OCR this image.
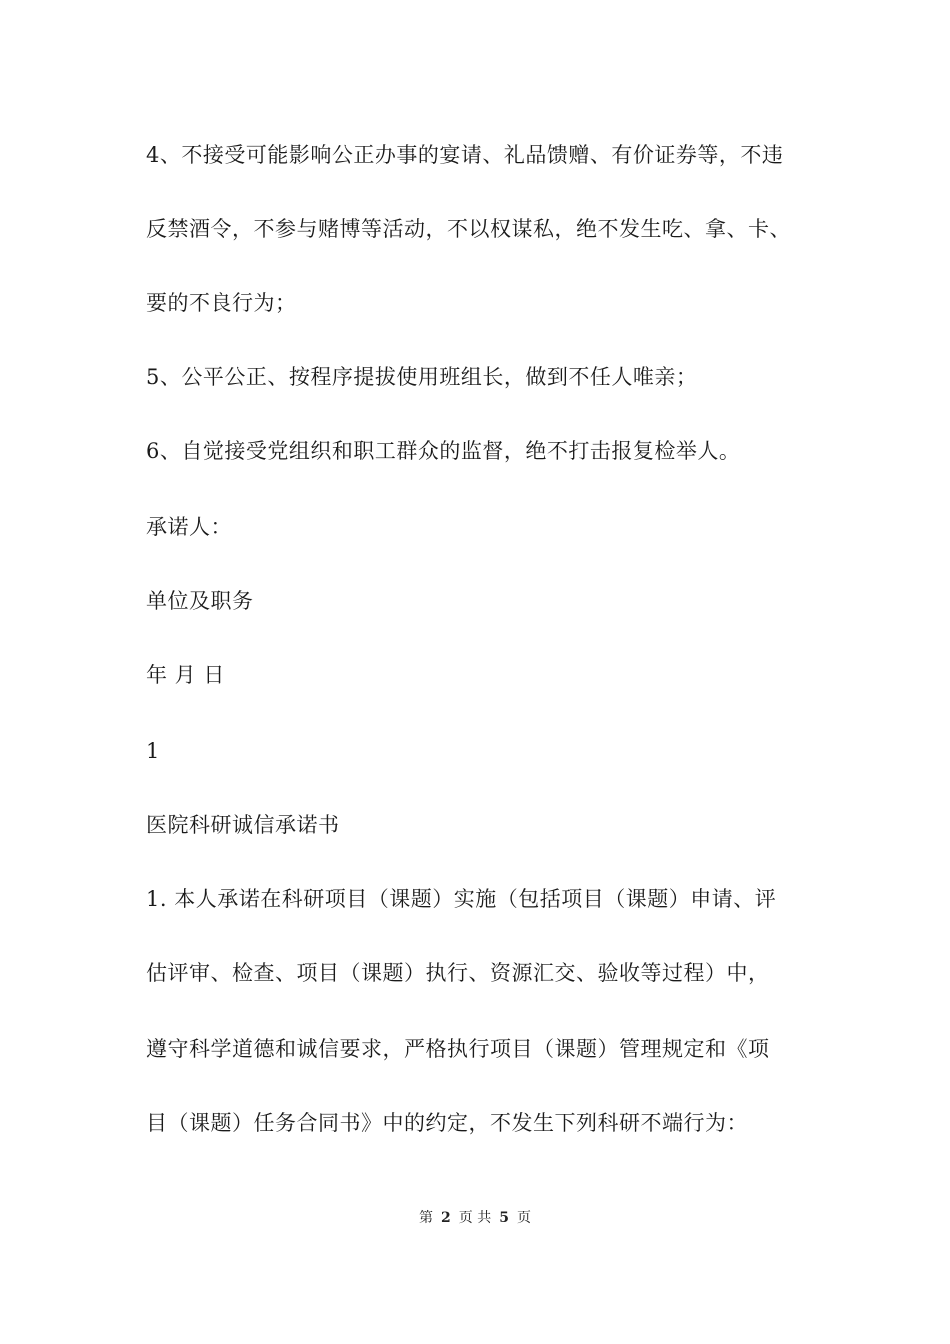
4、不接受可能影响公正办事的宴请、礼品馈赠、有价证券等，不违
反禁酒令，不参与赌博等活动，不以权谋私，绝不发生吃、拿、卡、
要的不良行为；
5、公平公正、按程序提拔使用班组长，做到不任人唯亲；
6、自觉接受党组织和职工群众的监督，绝不打击报复检举人。
承诺人：
单位及职务
年 月 日
1
医院科研诚信承诺书
1. 本人承诺在科研项目（课题）实施（包括项目（课题）申请、评
估评审、检查、项目（课题）执行、资源汇交、验收等过程）中，
遵守科学道德和诚信要求，严格执行项目（课题）管理规定和《项
目（课题）任务合同书》中的约定，不发生下列科研不端行为：
第 2 页 共 5 页
